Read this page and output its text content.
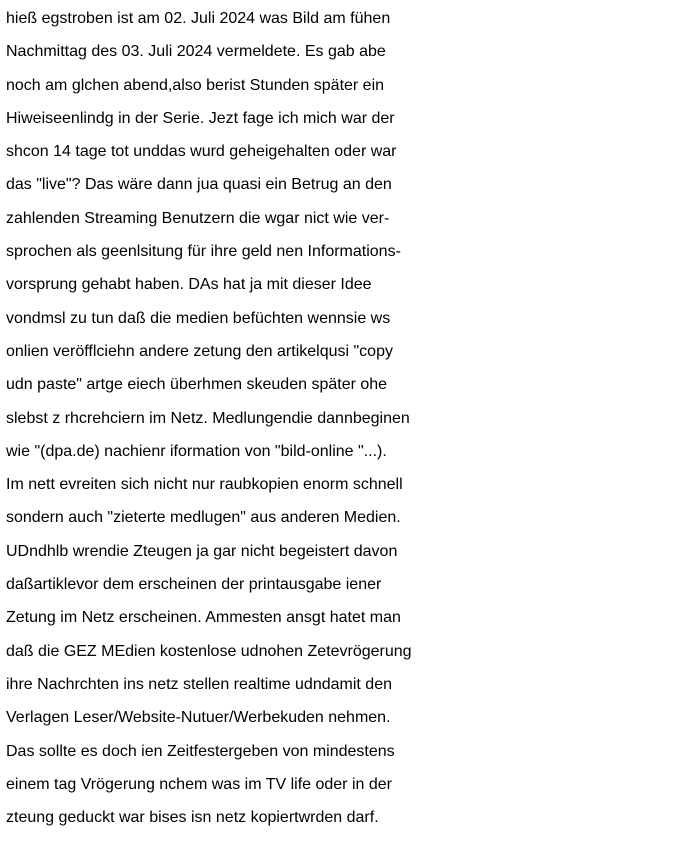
hieß egstroben ist am 02. Juli 2024 was Bild am fühen
Nachmittag des 03. Juli 2024 vermeldete. Es gab abe
noch am glchen abend,also berist Stunden später ein
Hiweiseenlindg in der Serie. Jezt fage ich mich war der
shcon 14 tage tot unddas wurd geheigehalten oder war
das "live"? Das wäre dann jua quasi ein Betrug an den
zahlenden Streaming Benutzern die wgar nict wie ver-
sprochen als geenlsitung für ihre geld nen Informations-
vorsprung gehabt haben. DAs hat ja mit dieser Idee
vondmsl zu tun daß die medien befüchten wennsie ws
onlien veröfflciehn andere zetung den artikelqusi "copy
udn paste" artge eiech überhmen skeuden später ohe
slebst z rhcrehciern im Netz. Medlungendie dannbeginen
wie "(dpa.de) nachienr iformation von "bild-online "...).
Im nett evreiten sich nicht nur raubkopien enorm schnell
sondern auch "zieterte medlugen" aus anderen Medien.
UDndhlb wrendie Zteugen ja gar nicht begeistert davon
daßartiklevor dem erscheinen der printausgabe iener
Zetung im Netz erscheinen. Ammesten ansgt hatet man
daß die GEZ MEdien kostenlose udnohen Zetevrögerung
ihre Nachrchten ins netz stellen realtime udndamit den
Verlagen Leser/Website-Nutuer/Werbekuden nehmen.
Das sollte es doch ien Zeitfestergeben von mindestens
einem tag Vrögerung nchem was im TV life oder in der
zteung geduckt war bises isn netz kopiertwrden darf.
